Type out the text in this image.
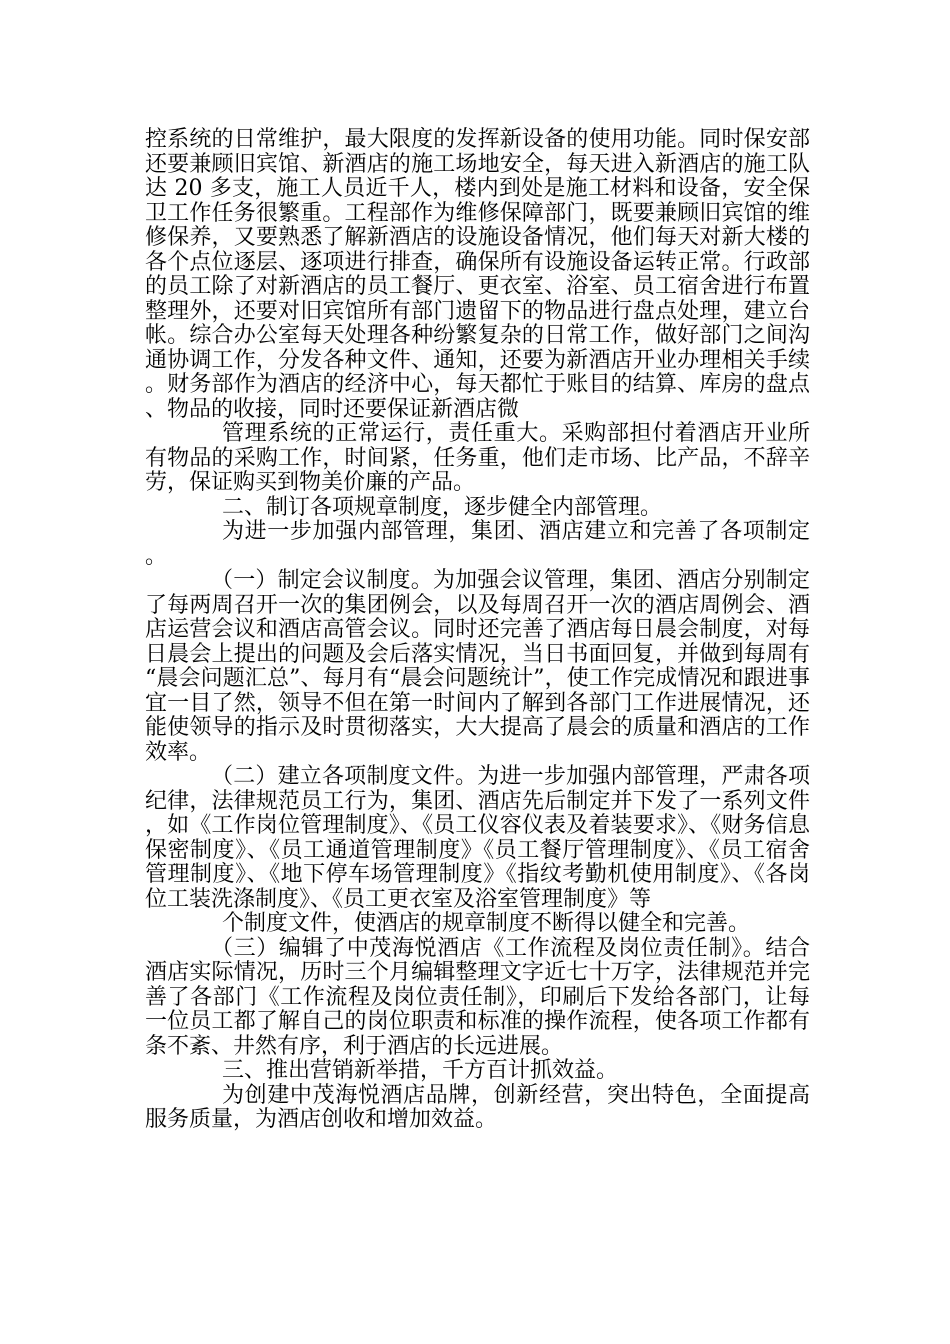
控系统的日常维护，最大限度的发挥新设备的使用功能。同时保安部还要兼顾旧宾馆、新酒店的施工场地安全，每天进入新酒店的施工队达 20 多支，施工人员近千人，楼内到处是施工材料和设备，安全保卫工作任务很繁重。工程部作为维修保障部门，既要兼顾旧宾馆的维修保养，又要熟悉了解新酒店的设施设备情况，他们每天对新大楼的各个点位逐层、逐项进行排查，确保所有设施设备运转正常。行政部的员工除了对新酒店的员工餐厅、更衣室、浴室、员工宿舍进行布置整理外，还要对旧宾馆所有部门遗留下的物品进行盘点处理，建立台帐。综合办公室每天处理各种纷繁复杂的日常工作，做好部门之间沟通协调工作，分发各种文件、通知，还要为新酒店开业办理相关手续。财务部作为酒店的经济中心，每天都忙于账目的结算、库房的盘点、物品的收接，同时还要保证新酒店微

管理系统的正常运行，责任重大。采购部担付着酒店开业所有物品的采购工作，时间紧，任务重，他们走市场、比产品，不辞辛劳，保证购买到物美价廉的产品。

二、制订各项规章制度，逐步健全内部管理。

为进一步加强内部管理，集团、酒店建立和完善了各项制定。

（一）制定会议制度。为加强会议管理，集团、酒店分别制定了每两周召开一次的集团例会，以及每周召开一次的酒店周例会、酒店运营会议和酒店高管会议。同时还完善了酒店每日晨会制度，对每日晨会上提出的问题及会后落实情况，当日书面回复，并做到每周有“晨会问题汇总”、每月有“晨会问题统计”，使工作完成情况和跟进事宜一目了然，领导不但在第一时间内了解到各部门工作进展情况，还能使领导的指示及时贯彻落实，大大提高了晨会的质量和酒店的工作效率。

（二）建立各项制度文件。为进一步加强内部管理，严肃各项纪律，法律规范员工行为，集团、酒店先后制定并下发了一系列文件，如《工作岗位管理制度》、《员工仪容仪表及着装要求》、《财务信息保密制度》、《员工通道管理制度》《员工餐厅管理制度》、《员工宿舍管理制度》、《地下停车场管理制度》《指纹考勤机使用制度》、《各岗位工装洗涤制度》、《员工更衣室及浴室管理制度》等

个制度文件，使酒店的规章制度不断得以健全和完善。

（三）编辑了中茂海悦酒店《工作流程及岗位责任制》。结合酒店实际情况，历时三个月编辑整理文字近七十万字，法律规范并完善了各部门《工作流程及岗位责任制》，印刷后下发给各部门，让每一位员工都了解自己的岗位职责和标准的操作流程，使各项工作都有条不紊、井然有序，利于酒店的长远进展。

三、推出营销新举措，千方百计抓效益。

为创建中茂海悦酒店品牌，创新经营，突出特色，全面提高服务质量，为酒店创收和增加效益。
